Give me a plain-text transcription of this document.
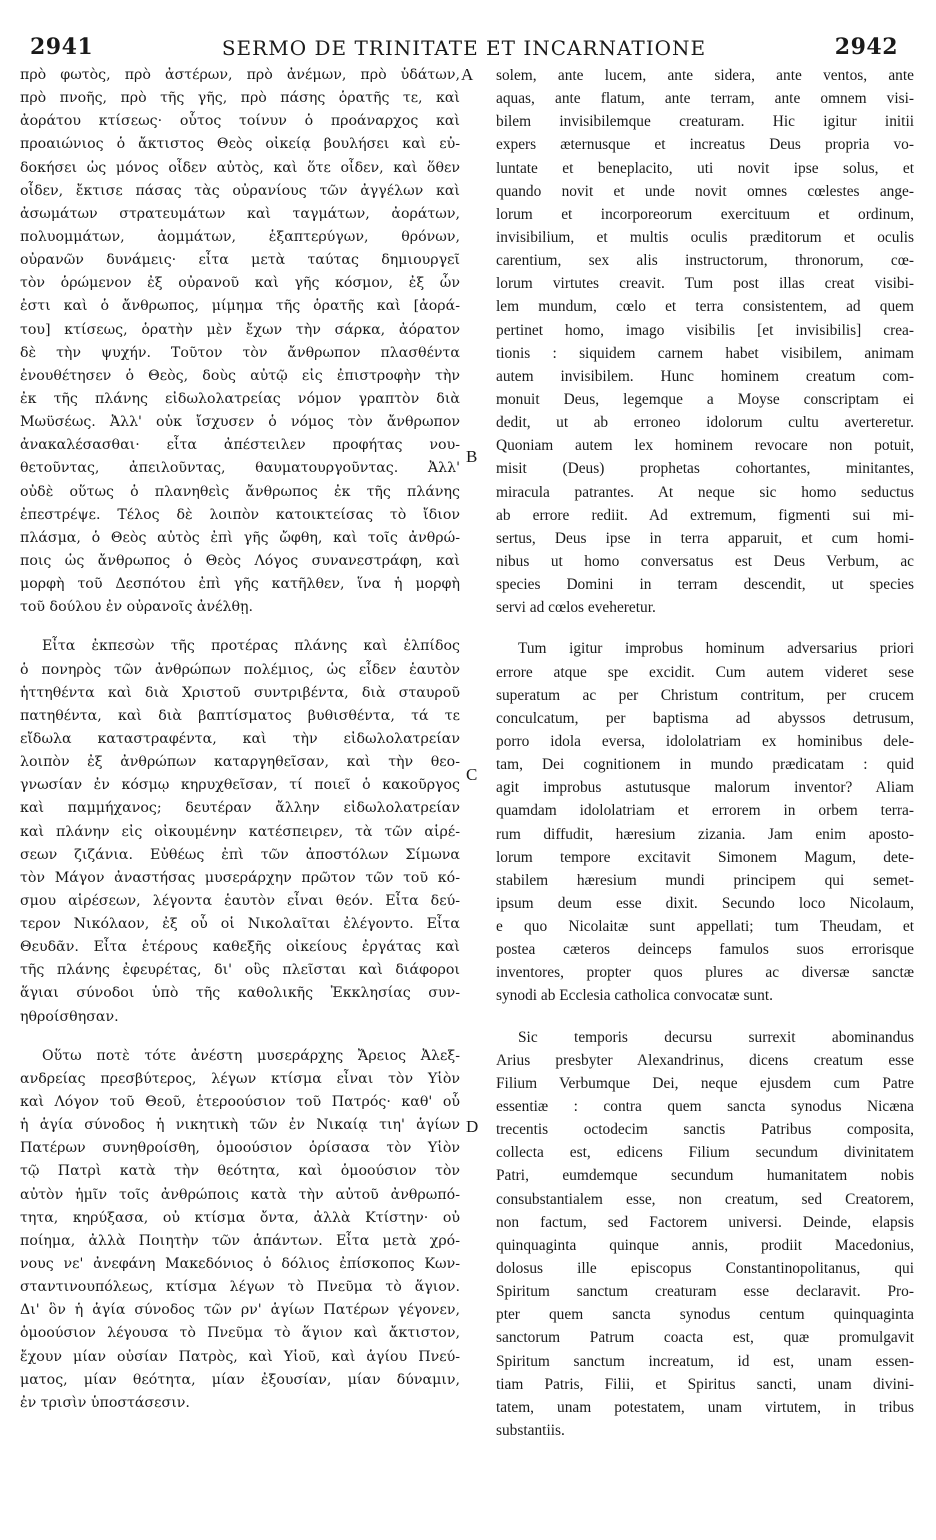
2941	SERMO DE TRINITATE ET INCARNATIONE	2942
πρὸ φωτὸς, πρὸ ἀστέρων, πρὸ ἀνέμων, πρὸ ὑδάτων,
πρὸ πνοῆς, πρὸ τῆς γῆς, πρὸ πάσης ὁρατῆς τε, καὶ
ἀοράτου κτίσεως· οὗτος τοίνυν ὁ προάναρχος καὶ
προαιώνιος ὁ ἄκτιστος Θεὸς οἰκείᾳ βουλήσει καὶ εὐ-
δοκήσει ὡς μόνος οἶδεν αὐτὸς, καὶ ὅτε οἶδεν, καὶ ὅθεν
οἶδεν, ἔκτισε πάσας τὰς οὐρανίους τῶν ἀγγέλων καὶ
ἀσωμάτων στρατευμάτων καὶ ταγμάτων, ἀοράτων,
πολυομμάτων, ἀομμάτων, ἑξαπτερύγων, θρόνων,
οὐρανῶν δυνάμεις· εἶτα μετὰ ταύτας δημιουργεῖ
τὸν ὁρώμενον ἐξ οὐρανοῦ καὶ γῆς κόσμον, ἐξ ὧν
ἐστι καὶ ὁ ἄνθρωπος, μίμημα τῆς ὁρατῆς καὶ [ἀορά-
του] κτίσεως, ὁρατὴν μὲν ἔχων τὴν σάρκα, ἀόρατον
δὲ τὴν ψυχήν. Τοῦτον τὸν ἄνθρωπον πλασθέντα
ἐνουθέτησεν ὁ Θεὸς, δοὺς αὐτῷ εἰς ἐπιστροφὴν τὴν
ἐκ τῆς πλάνης εἰδωλολατρείας νόμον γραπτὸν διὰ
Μωϋσέως. Ἀλλ' οὐκ ἴσχυσεν ὁ νόμος τὸν ἄνθρωπον
ἀνακαλέσασθαι· εἶτα ἀπέστειλεν προφήτας νου-
θετοῦντας, ἀπειλοῦντας, θαυματουργοῦντας. Ἀλλ'
οὐδὲ οὕτως ὁ πλανηθεὶς ἄνθρωπος ἐκ τῆς πλάνης
ἐπεστρέψε. Τέλος δὲ λοιπὸν κατοικτείσας τὸ ἴδιον
πλάσμα, ὁ Θεὸς αὐτὸς ἐπὶ γῆς ὤφθη, καὶ τοῖς ἀνθρώ-
ποις ὡς ἄνθρωπος ὁ Θεὸς Λόγος συνανεστράφη, καὶ
μορφὴ τοῦ Δεσπότου ἐπὶ γῆς κατῆλθεν, ἵνα ἡ μορφὴ
τοῦ δούλου ἐν οὐρανοῖς ἀνέλθῃ.
Εἶτα ἐκπεσὼν τῆς προτέρας πλάνης καὶ ἐλπίδος
ὁ πονηρὸς τῶν ἀνθρώπων πολέμιος, ὡς εἶδεν ἑαυτὸν
ἡττηθέντα καὶ διὰ Χριστοῦ συντριβέντα, διὰ σταυροῦ
πατηθέντα, καὶ διὰ βαπτίσματος βυθισθέντα, τά τε
εἴδωλα καταστραφέντα, καὶ τὴν εἰδωλολατρείαν
λοιπὸν ἐξ ἀνθρώπων καταργηθεῖσαν, καὶ τὴν θεο-
γνωσίαν ἐν κόσμῳ κηρυχθεῖσαν, τί ποιεῖ ὁ κακοῦργος
καὶ παμμήχανος; δευτέραν ἄλλην εἰδωλολατρείαν
καὶ πλάνην εἰς οἰκουμένην κατέσπειρεν, τὰ τῶν αἱρέ-
σεων ζιζάνια. Εὐθέως ἐπὶ τῶν ἀποστόλων Σίμωνα
τὸν Μάγον ἀναστήσας μυσεράρχην πρῶτον τῶν τοῦ κό-
σμου αἱρέσεων, λέγοντα ἑαυτὸν εἶναι θεόν. Εἶτα δεύ-
τερον Νικόλαον, ἐξ οὗ οἱ Νικολαῖται ἐλέγοντο. Εἶτα
Θευδᾶν. Εἶτα ἑτέρους καθεξῆς οἰκείους ἐργάτας καὶ
τῆς πλάνης ἐφευρέτας, δι' οὓς πλεῖσται καὶ διάφοροι
ἅγιαι σύνοδοι ὑπὸ τῆς καθολικῆς Ἐκκλησίας συν-
ηθροίσθησαν.
Οὕτω ποτὲ τότε ἀνέστη μυσεράρχης Ἄρειος Ἀλεξ-
ανδρείας πρεσβύτερος, λέγων κτίσμα εἶναι τὸν Υἱὸν
καὶ Λόγον τοῦ Θεοῦ, ἑτεροούσιον τοῦ Πατρός· καθ' οὗ
ἡ ἁγία σύνοδος ἡ νικητικὴ τῶν ἐν Νικαίᾳ τιη' ἁγίων
Πατέρων συνηθροίσθη, ὁμοούσιον ὁρίσασα τὸν Υἱὸν
τῷ Πατρὶ κατὰ τὴν θεότητα, καὶ ὁμοούσιον τὸν
αὐτὸν ἡμῖν τοῖς ἀνθρώποις κατὰ τὴν αὐτοῦ ἀνθρωπό-
τητα, κηρύξασα, οὐ κτίσμα ὄντα, ἀλλὰ Κτίστην· οὐ
ποίημα, ἀλλὰ Ποιητὴν τῶν ἁπάντων. Εἶτα μετὰ χρό-
νους νε' ἀνεφάνη Μακεδόνιος ὁ δόλιος ἐπίσκοπος Κων-
σταντινουπόλεως, κτίσμα λέγων τὸ Πνεῦμα τὸ ἅγιον.
Δι' ὃν ἡ ἁγία σύνοδος τῶν ρν' ἁγίων Πατέρων γέγονεν,
ὁμοούσιον λέγουσα τὸ Πνεῦμα τὸ ἅγιον καὶ ἄκτιστον,
ἔχουν μίαν οὐσίαν Πατρὸς, καὶ Υἱοῦ, καὶ ἁγίου Πνεύ-
ματος, μίαν θεότητα, μίαν ἐξουσίαν, μίαν δύναμιν,
ἐν τρισὶν ὑποστάσεσιν.
solem, ante lucem, ante sidera, ante ventos, ante
aquas, ante flatum, ante terram, ante omnem visi-
bilem invisibilemque creaturam. Hic igitur initii
expers æternusque et increatus Deus propria vo-
luntate et beneplacito, uti novit ipse solus, et
quando novit et unde novit omnes cœlestes ange-
lorum et incorporeorum exercituum et ordinum,
invisibilium, et multis oculis præditorum et oculis
carentium, sex alis instructorum, thronorum, cœ-
lorum virtutes creavit. Tum post illas creat visibi-
lem mundum, cœlo et terra consistentem, ad quem
pertinet homo, imago visibilis [et invisibilis] crea-
tionis : siquidem carnem habet visibilem, animam
autem invisibilem. Hunc hominem creatum com-
monuit Deus, legemque a Moyse conscriptam ei
dedit, ut ab erroneo idolorum cultu averteretur.
Quoniam autem lex hominem revocare non potuit,
misit (Deus) prophetas cohortantes, minitantes,
miracula patrantes. At neque sic homo seductus
ab errore rediit. Ad extremum, figmenti sui mi-
sertus, Deus ipse in terra apparuit, et cum homi-
nibus ut homo conversatus est Deus Verbum, ac
species Domini in terram descendit, ut species
servi ad cœlos eveheretur.
Tum igitur improbus hominum adversarius priori
errore atque spe excidit. Cum autem videret sese
superatum ac per Christum contritum, per crucem
conculcatum, per baptisma ad abyssos detrusum,
porro idola eversa, idololatriam ex hominibus dele-
tam, Dei cognitionem in mundo prædicatam : quid
agit improbus astutusque malorum inventor? Aliam
quamdam idololatriam et errorem in orbem terra-
rum diffudit, hæresium zizania. Jam enim aposto-
lorum tempore excitavit Simonem Magum, dete-
stabilem hæresium mundi principem qui semet-
ipsum deum esse dixit. Secundo loco Nicolaum,
e quo Nicolaitæ sunt appellati; tum Theudam, et
postea cæteros deinceps famulos suos errorisque
inventores, propter quos plures ac diversæ sanctæ
synodi ab Ecclesia catholica convocatæ sunt.
Sic temporis decursu surrexit abominandus
Arius presbyter Alexandrinus, dicens creatum esse
Filium Verbumque Dei, neque ejusdem cum Patre
essentiæ : contra quem sancta synodus Nicæna
trecentis octodecim sanctis Patribus composita,
collecta est, edicens Filium secundum divinitatem
Patri, eumdemque secundum humanitatem nobis
consubstantialem esse, non creatum, sed Creatorem,
non factum, sed Factorem universi. Deinde, elapsis
quinquaginta quinque annis, prodiit Macedonius,
dolosus ille episcopus Constantinopolitanus, qui
Spiritum sanctum creaturam esse declaravit. Pro-
pter quem sancta synodus centum quinquaginta
sanctorum Patrum coacta est, quæ promulgavit
Spiritum sanctum increatum, id est, unam essen-
tiam Patris, Filii, et Spiritus sancti, unam divini-
tatem, unam potestatem, unam virtutem, in tribus
substantiis.
A
B
C
D
